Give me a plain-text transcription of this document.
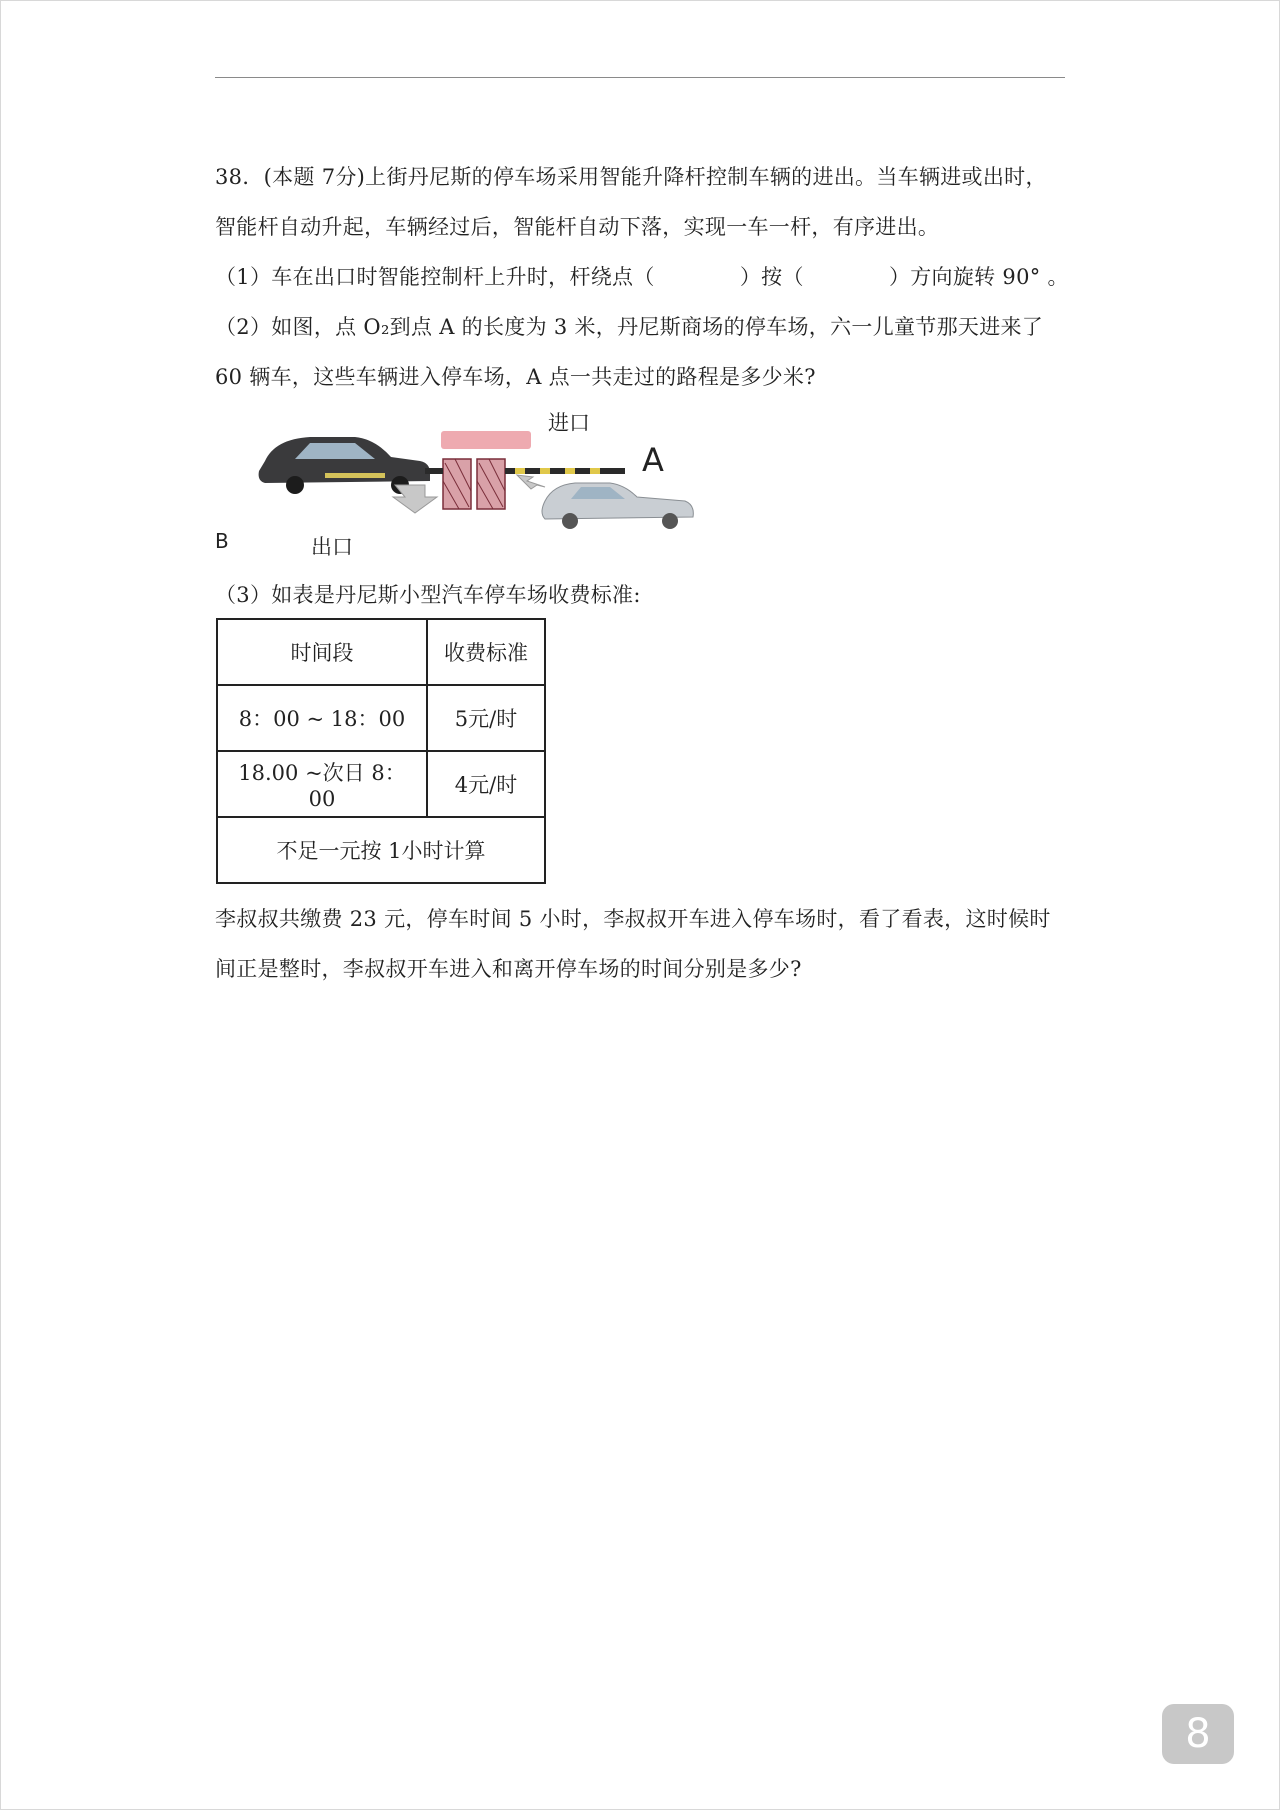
38．(本题 7分)上街丹尼斯的停车场采用智能升降杆控制车辆的进出。当车辆进或出时，
智能杆自动升起，车辆经过后，智能杆自动下落，实现一车一杆，有序进出。
（1）车在出口时智能控制杆上升时，杆绕点（　　　　）按（　　　　）方向旋转 90° 。
（2）如图，点 O₂到点 A 的长度为 3 米，丹尼斯商场的停车场，六一儿童节那天进来了
60 辆车，这些车辆进入停车场，A 点一共走过的路程是多少米?
进口
A
B	出口
（3）如表是丹尼斯小型汽车停车场收费标准:
时间段	收费标准
8：00 ~ 18：00	5元/时
18.00 ~次日 8：00	4元/时
不足一元按 1小时计算	
李叔叔共缴费 23 元，停车时间 5 小时，李叔叔开车进入停车场时，看了看表，这时候时
间正是整时，李叔叔开车进入和离开停车场的时间分别是多少?
8
